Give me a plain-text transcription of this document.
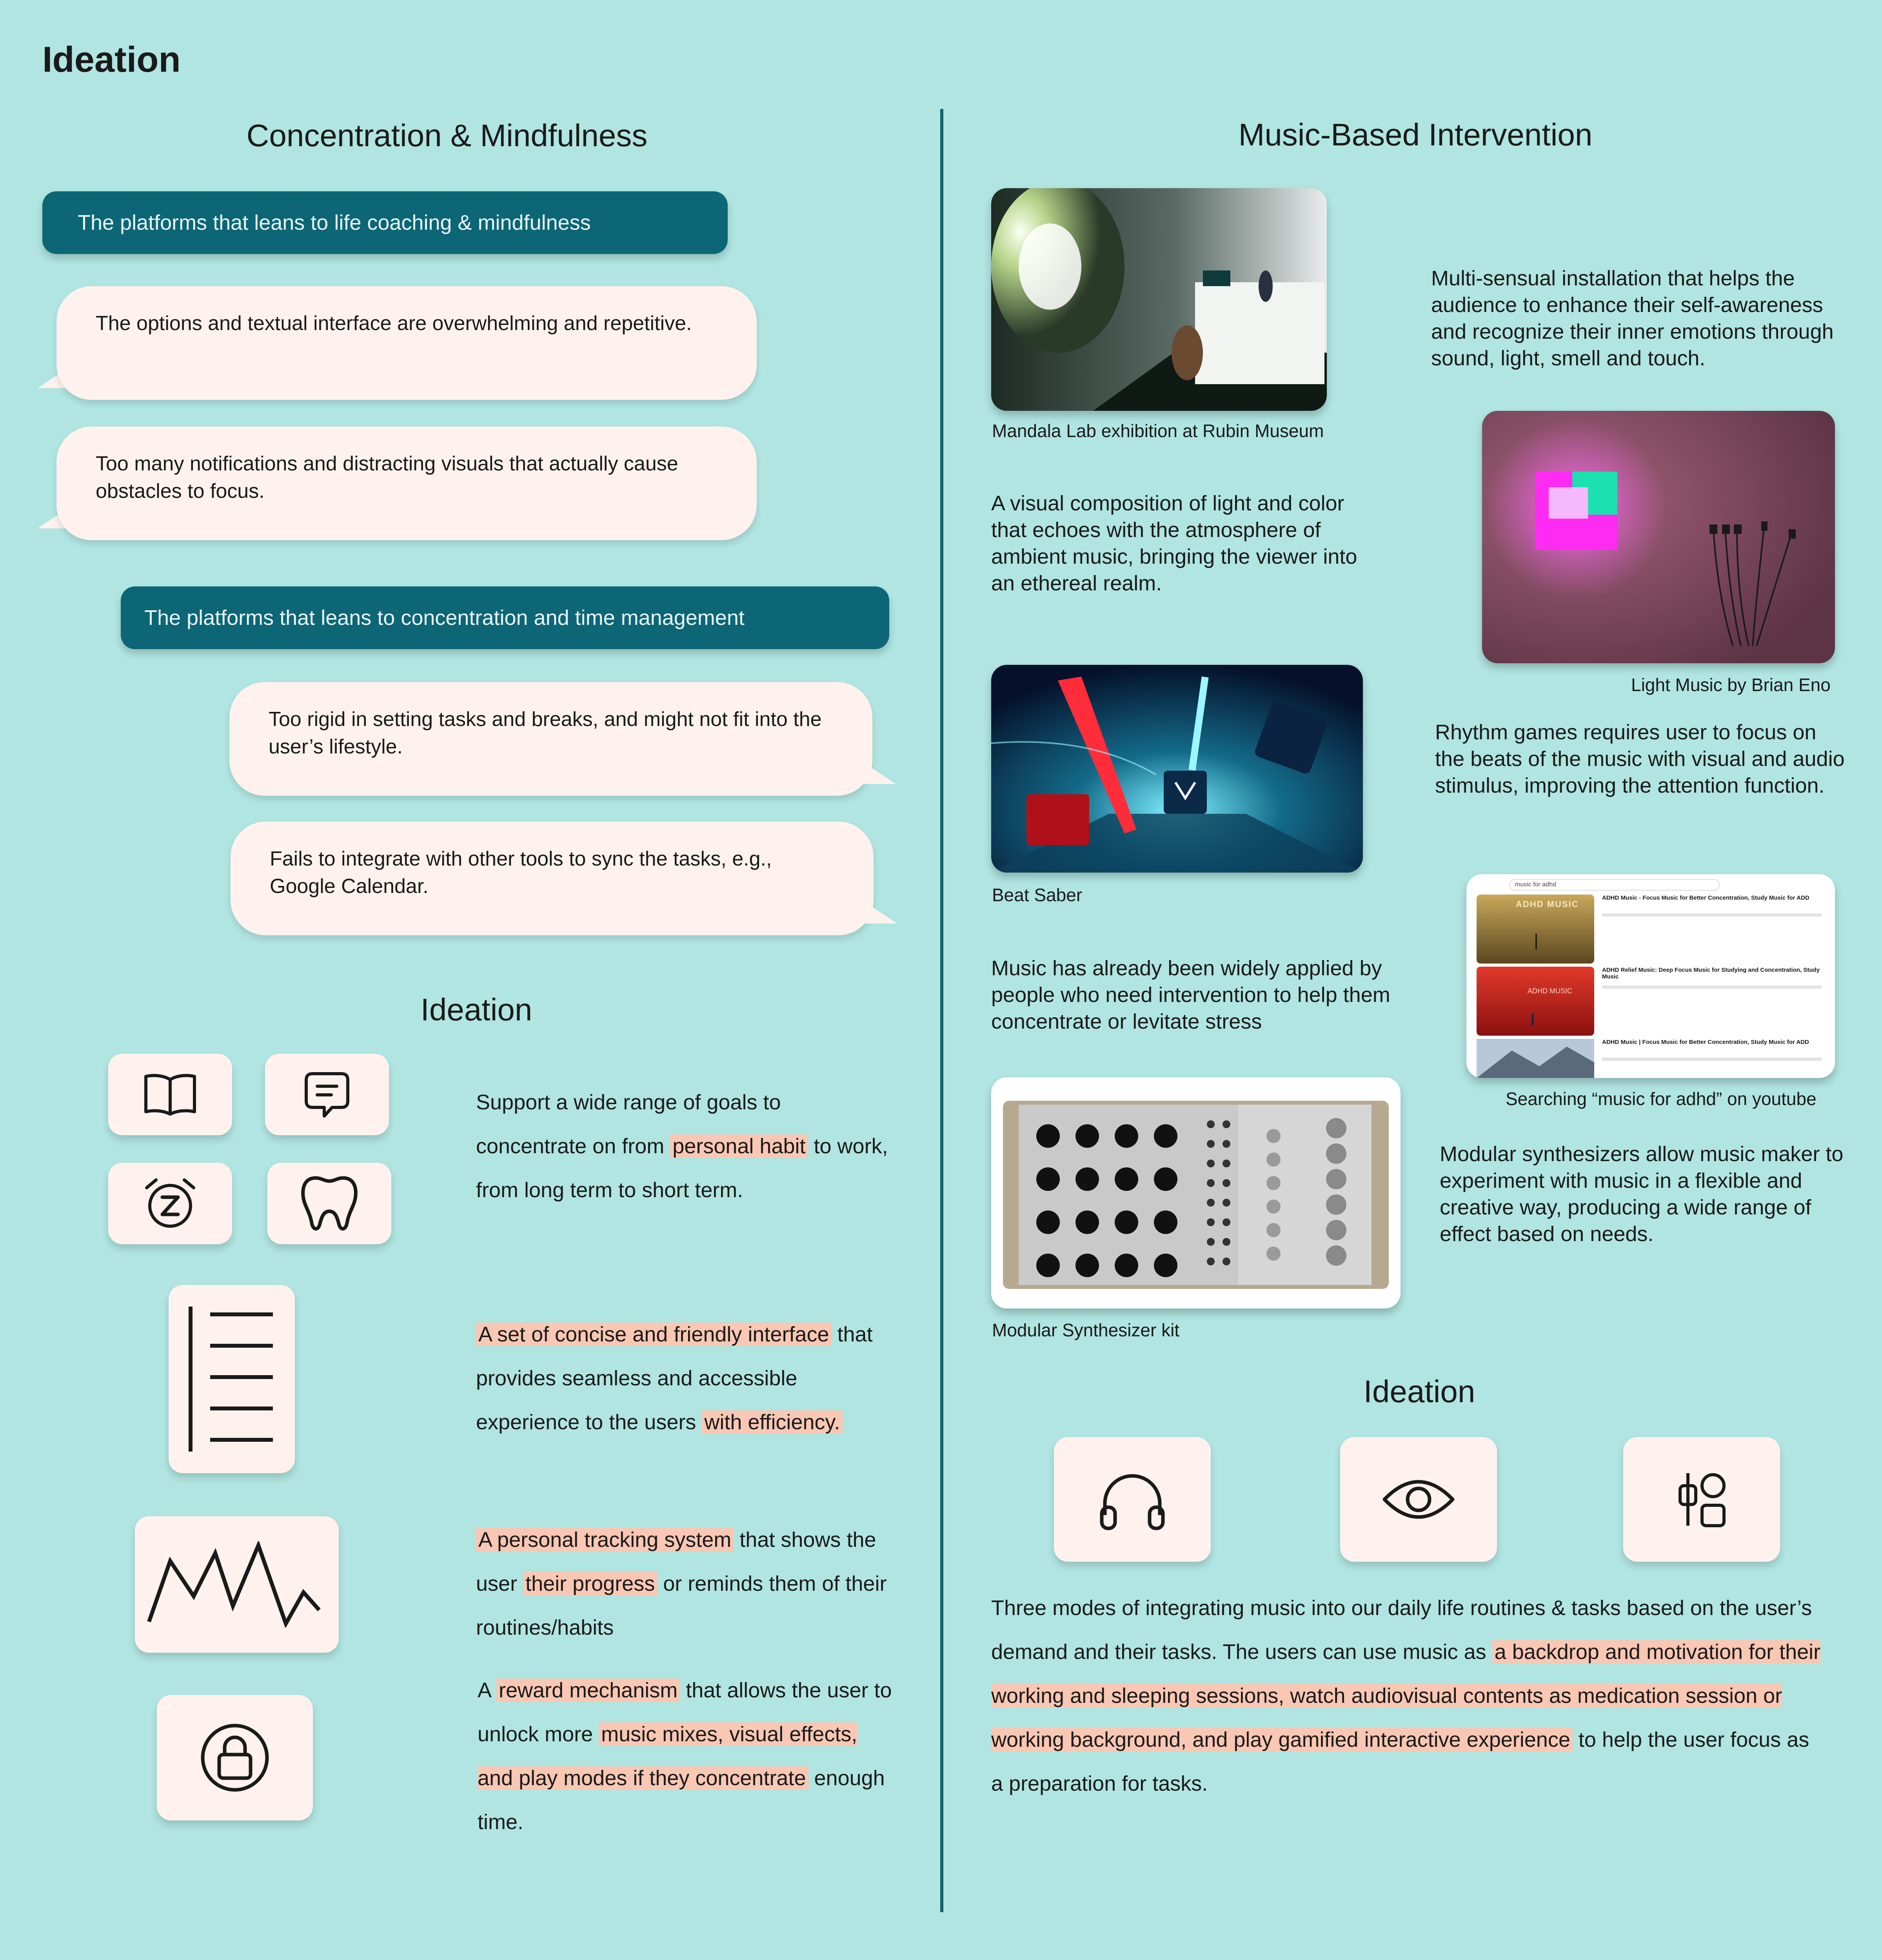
Ideation
Concentration & Mindfulness
The platforms that leans to life coaching & mindfulness
The options and textual interface are overwhelming and repetitive.
Too many notifications and distracting visuals that actually cause obstacles to focus.
The platforms that leans to concentration and time management
Too rigid in setting tasks and breaks, and might not fit into the user’s lifestyle.
Fails to integrate with other tools to sync the tasks, e.g., Google Calendar.
Ideation
Support a wide range of goals to concentrate on from personal habit to work, from long term to short term.
A set of concise and friendly interface that provides seamless and accessible experience to the users with efficiency.
A personal tracking system that shows the user their progress or reminds them of their routines/habits
A reward mechanism that allows the user to unlock more music mixes, visual effects, and play modes if they concentrate enough time.
Music-Based Intervention
Mandala Lab exhibition at Rubin Museum
Multi-sensual installation that helps the audience to enhance their self-awareness and recognize their inner emotions through sound, light, smell and touch.
A visual composition of light and color that echoes with the atmosphere of ambient music, bringing the viewer into an ethereal realm.
Light Music by Brian Eno
Beat Saber
Rhythm games requires user to focus on the beats of the music with visual and audio stimulus, improving the attention function.
Music has already been widely applied by people who need intervention to help them concentrate or levitate stress
music for adhd
ADHD MUSIC
ADHD MUSIC
ADHD Music - Focus Music for Better Concentration, Study Music for ADD
ADHD Relief Music: Deep Focus Music for Studying and Concentration, Study Music
ADHD Music | Focus Music for Better Concentration, Study Music for ADD
Searching “music for adhd” on youtube
Modular Synthesizer kit
Modular synthesizers allow music maker to experiment with music in a flexible and creative way, producing a wide range of effect based on needs.
Ideation
Three modes of integrating music into our daily life routines & tasks based on the user’s demand and their tasks. The users can use music as a backdrop and motivation for their working and sleeping sessions, watch audiovisual contents as medication session or working background, and play gamified interactive experience to help the user focus as a preparation for tasks.
